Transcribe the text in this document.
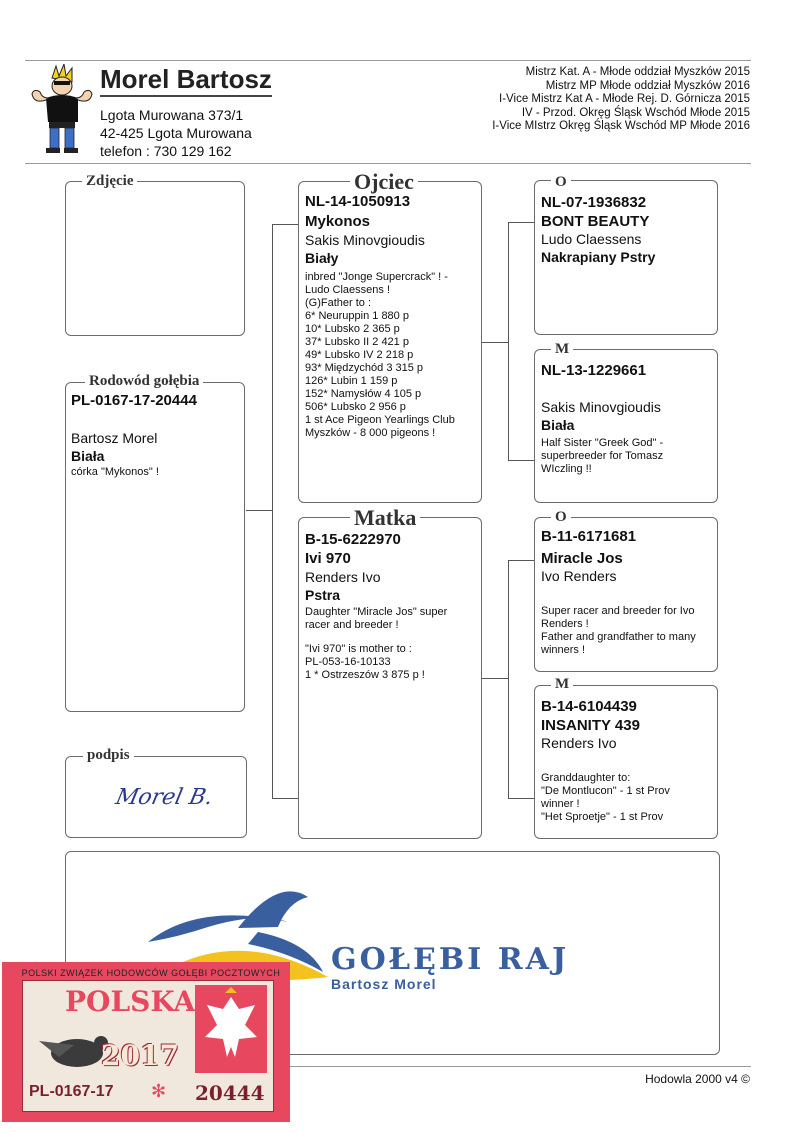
Morel Bartosz
Lgota Murowana 373/1
42-425 Lgota Murowana
telefon : 730 129 162
Mistrz Kat. A - Młode oddział Myszków 2015
Mistrz MP Młode oddział Myszków 2016
I-Vice Mistrz Kat A - Młode Rej. D. Górnicza 2015
IV - Przod. Okręg Śląsk Wschód Młode 2015
I-Vice MIstrz Okręg Śląsk Wschód MP Młode 2016
Zdjęcie
PL-0167-17-20444
Bartosz Morel
Biała
córka "Mykonos" !
Rodowód gołębia
Morel B.
podpis
NL-14-1050913
Mykonos
Sakis Minovgioudis
Biały
inbred "Jonge Supercrack" ! -
Ludo Claessens !
(G)Father to :
6* Neuruppin 1 880 p
10* Lubsko 2 365 p
37* Lubsko II 2 421 p
49* Lubsko IV 2 218 p
93* Międzychód 3 315 p
126* Lubin 1 159 p
152* Namysłów 4 105 p
506* Lubsko 2 956 p
1 st Ace Pigeon Yearlings Club
Myszków - 8 000 pigeons !
Ojciec
B-15-6222970
Ivi 970
Renders Ivo
Pstra
Daughter "Miracle Jos" super
racer and breeder !
"Ivi 970" is mother to :
PL-053-16-10133
1 * Ostrzeszów 3 875 p !
Matka
NL-07-1936832
BONT BEAUTY
Ludo Claessens
Nakrapiany Pstry
O
NL-13-1229661
Sakis Minovgioudis
Biała
Half Sister "Greek God" -
superbreeder for Tomasz
WIczling !!
M
B-11-6171681
Miracle Jos
Ivo Renders
Super racer and breeder for Ivo
Renders !
Father and grandfather to many
winners !
O
B-14-6104439
INSANITY 439
Renders Ivo
Granddaughter to:
"De Montlucon" - 1 st Prov
winner !
"Het Sproetje" - 1 st Prov
M
GOŁĘBI RAJ
Bartosz Morel
Hodowla 2000 v4 ©
POLSKI ZWIĄZEK HODOWCÓW GOŁĘBI POCZTOWYCH
POLSKA
2017
PL-0167-17 ✻ 20444
